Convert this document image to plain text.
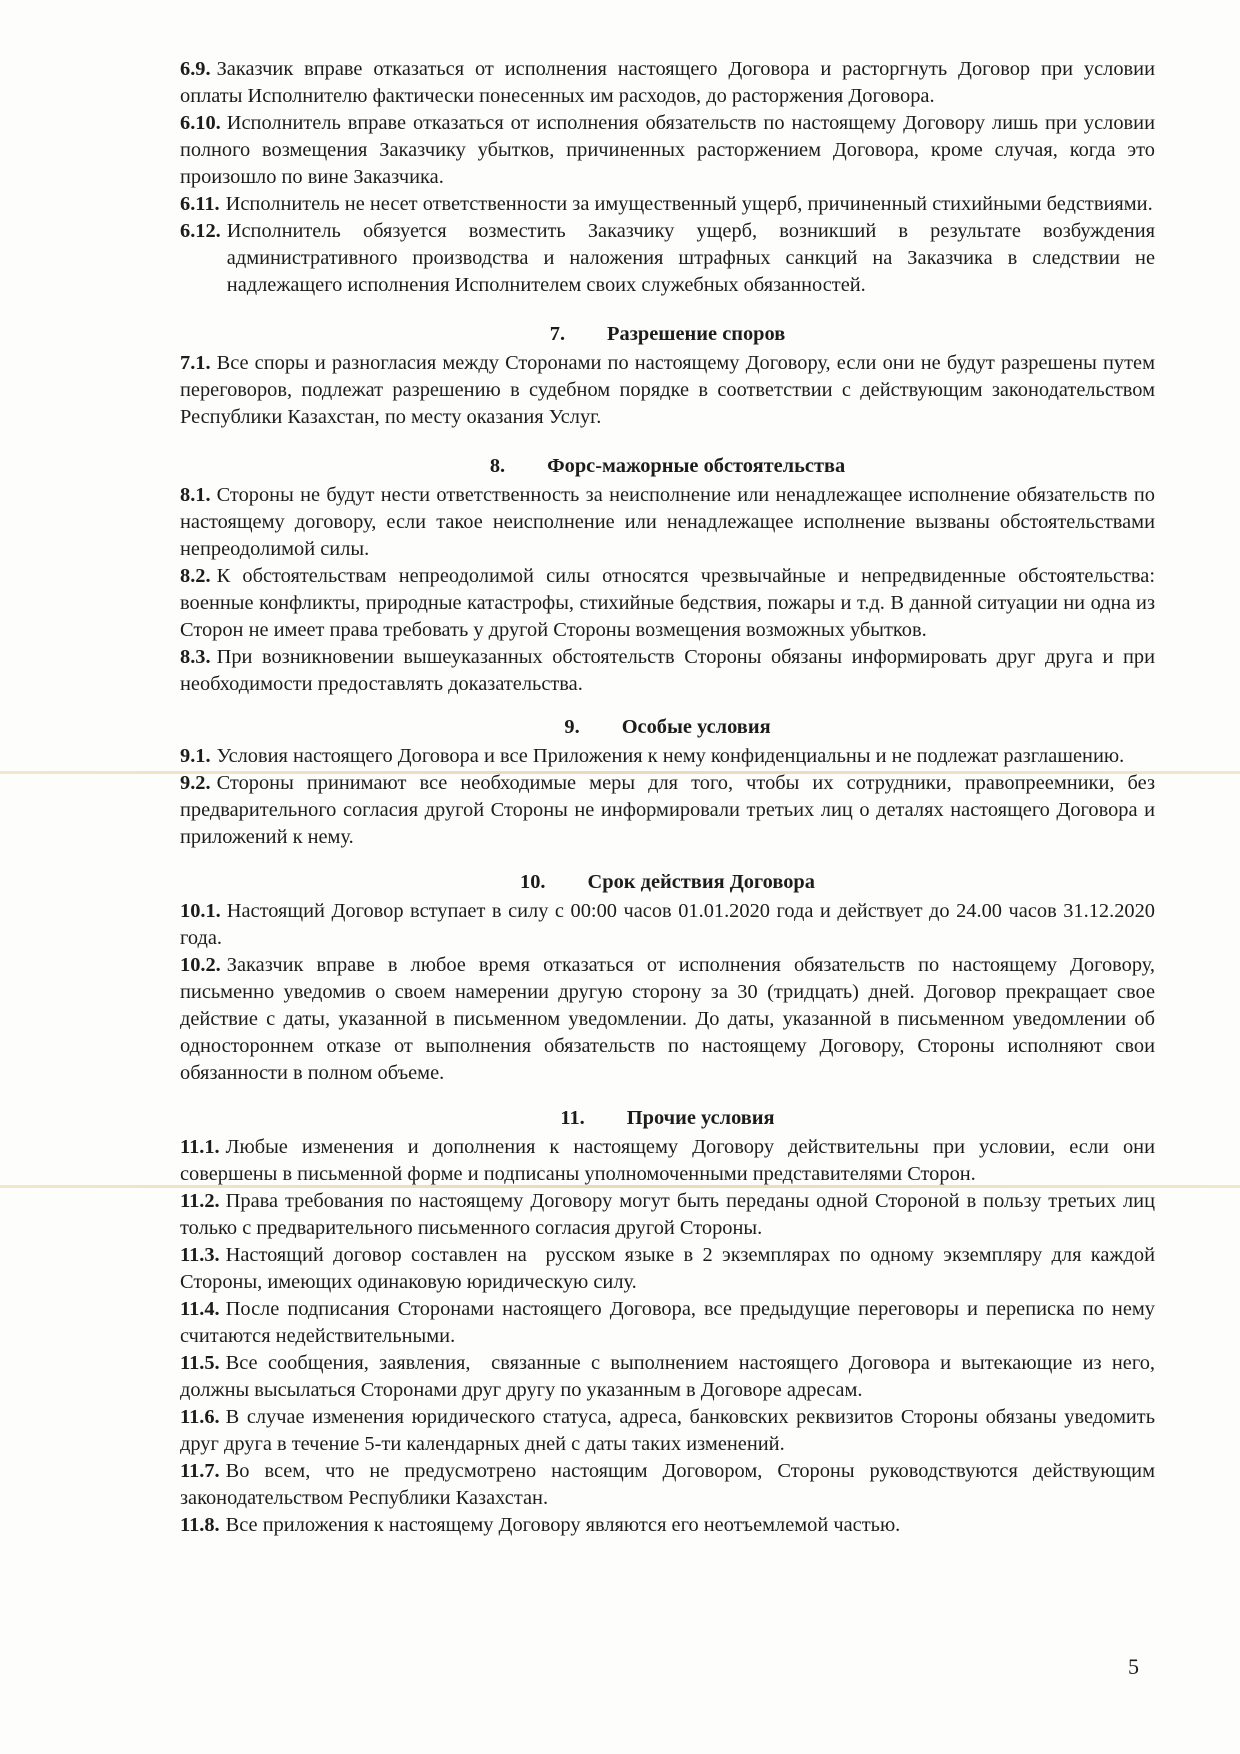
6.9. Заказчик вправе отказаться от исполнения настоящего Договора и расторгнуть Договор при условии оплаты Исполнителю фактически понесенных им расходов, до расторжения Договора.

6.10. Исполнитель вправе отказаться от исполнения обязательств по настоящему Договору лишь при условии полного возмещения Заказчику убытков, причиненных расторжением Договора, кроме случая, когда это произошло по вине Заказчика.

6.11. Исполнитель не несет ответственности за имущественный ущерб, причиненный стихийными бедствиями.

6.12. Исполнитель обязуется возместить Заказчику ущерб, возникший в результате возбуждения административного производства и наложения штрафных санкций на Заказчика в следствии не надлежащего исполнения Исполнителем своих служебных обязанностей.
7. Разрешение споров

7.1. Все споры и разногласия между Сторонами по настоящему Договору, если они не будут разрешены путем переговоров, подлежат разрешению в судебном порядке в соответствии с действующим законодательством Республики Казахстан, по месту оказания Услуг.

8. Форс-мажорные обстоятельства

8.1. Стороны не будут нести ответственность за неисполнение или ненадлежащее исполнение обязательств по настоящему договору, если такое неисполнение или ненадлежащее исполнение вызваны обстоятельствами непреодолимой силы.

8.2. К обстоятельствам непреодолимой силы относятся чрезвычайные и непредвиденные обстоятельства: военные конфликты, природные катастрофы, стихийные бедствия, пожары и т.д. В данной ситуации ни одна из Сторон не имеет права требовать у другой Стороны возмещения возможных убытков.

8.3. При возникновении вышеуказанных обстоятельств Стороны обязаны информировать друг друга и при необходимости предоставлять доказательства.

9. Особые условия

9.1. Условия настоящего Договора и все Приложения к нему конфиденциальны и не подлежат разглашению.

9.2. Стороны принимают все необходимые меры для того, чтобы их сотрудники, правопреемники, без предварительного согласия другой Стороны не информировали третьих лиц о деталях настоящего Договора и приложений к нему.

10. Срок действия Договора

10.1. Настоящий Договор вступает в силу с 00:00 часов 01.01.2020 года и действует до 24.00 часов 31.12.2020 года.

10.2. Заказчик вправе в любое время отказаться от исполнения обязательств по настоящему Договору, письменно уведомив о своем намерении другую сторону за 30 (тридцать) дней. Договор прекращает свое действие с даты, указанной в письменном уведомлении. До даты, указанной в письменном уведомлении об одностороннем отказе от выполнения обязательств по настоящему Договору, Стороны исполняют свои обязанности в полном объеме.

11. Прочие условия

11.1. Любые изменения и дополнения к настоящему Договору действительны при условии, если они совершены в письменной форме и подписаны уполномоченными представителями Сторон.

11.2. Права требования по настоящему Договору могут быть переданы одной Стороной в пользу третьих лиц только с предварительного письменного согласия другой Стороны.

11.3. Настоящий договор составлен на  русском языке в 2 экземплярах по одному экземпляру для каждой Стороны, имеющих одинаковую юридическую силу.

11.4. После подписания Сторонами настоящего Договора, все предыдущие переговоры и переписка по нему считаются недействительными.

11.5. Все сообщения, заявления,  связанные с выполнением настоящего Договора и вытекающие из него, должны высылаться Сторонами друг другу по указанным в Договоре адресам.

11.6. В случае изменения юридического статуса, адреса, банковских реквизитов Стороны обязаны уведомить друг друга в течение 5-ти календарных дней с даты таких изменений.

11.7. Во всем, что не предусмотрено настоящим Договором, Стороны руководствуются действующим законодательством Республики Казахстан.

11.8. Все приложения к настоящему Договору являются его неотъемлемой частью.

5
